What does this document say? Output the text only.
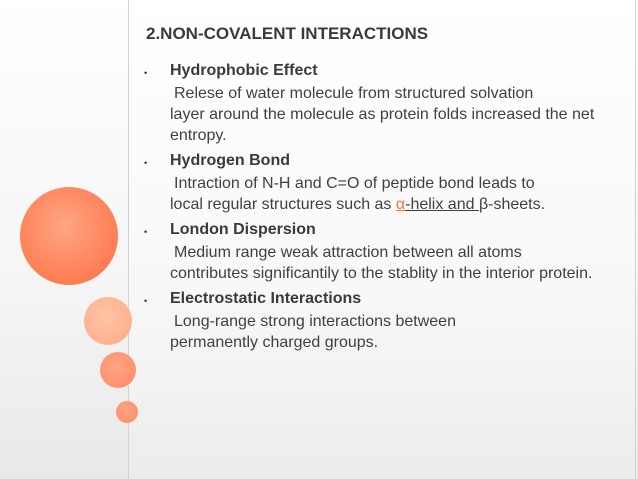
2.NON-COVALENT INTERACTIONS
• Hydrophobic Effect

Relese of water molecule from structured solvation
layer around the molecule as protein folds increased the net entropy.

• Hydrogen Bond

Intraction of N-H and C=O of peptide bond leads to
local regular structures such as α-helix and β-sheets.

• London Dispersion

Medium range weak attraction between all atoms
contributes significantily to the stablity in the interior protein.

• Electrostatic Interactions

Long-range strong interactions between
permanently charged groups.
